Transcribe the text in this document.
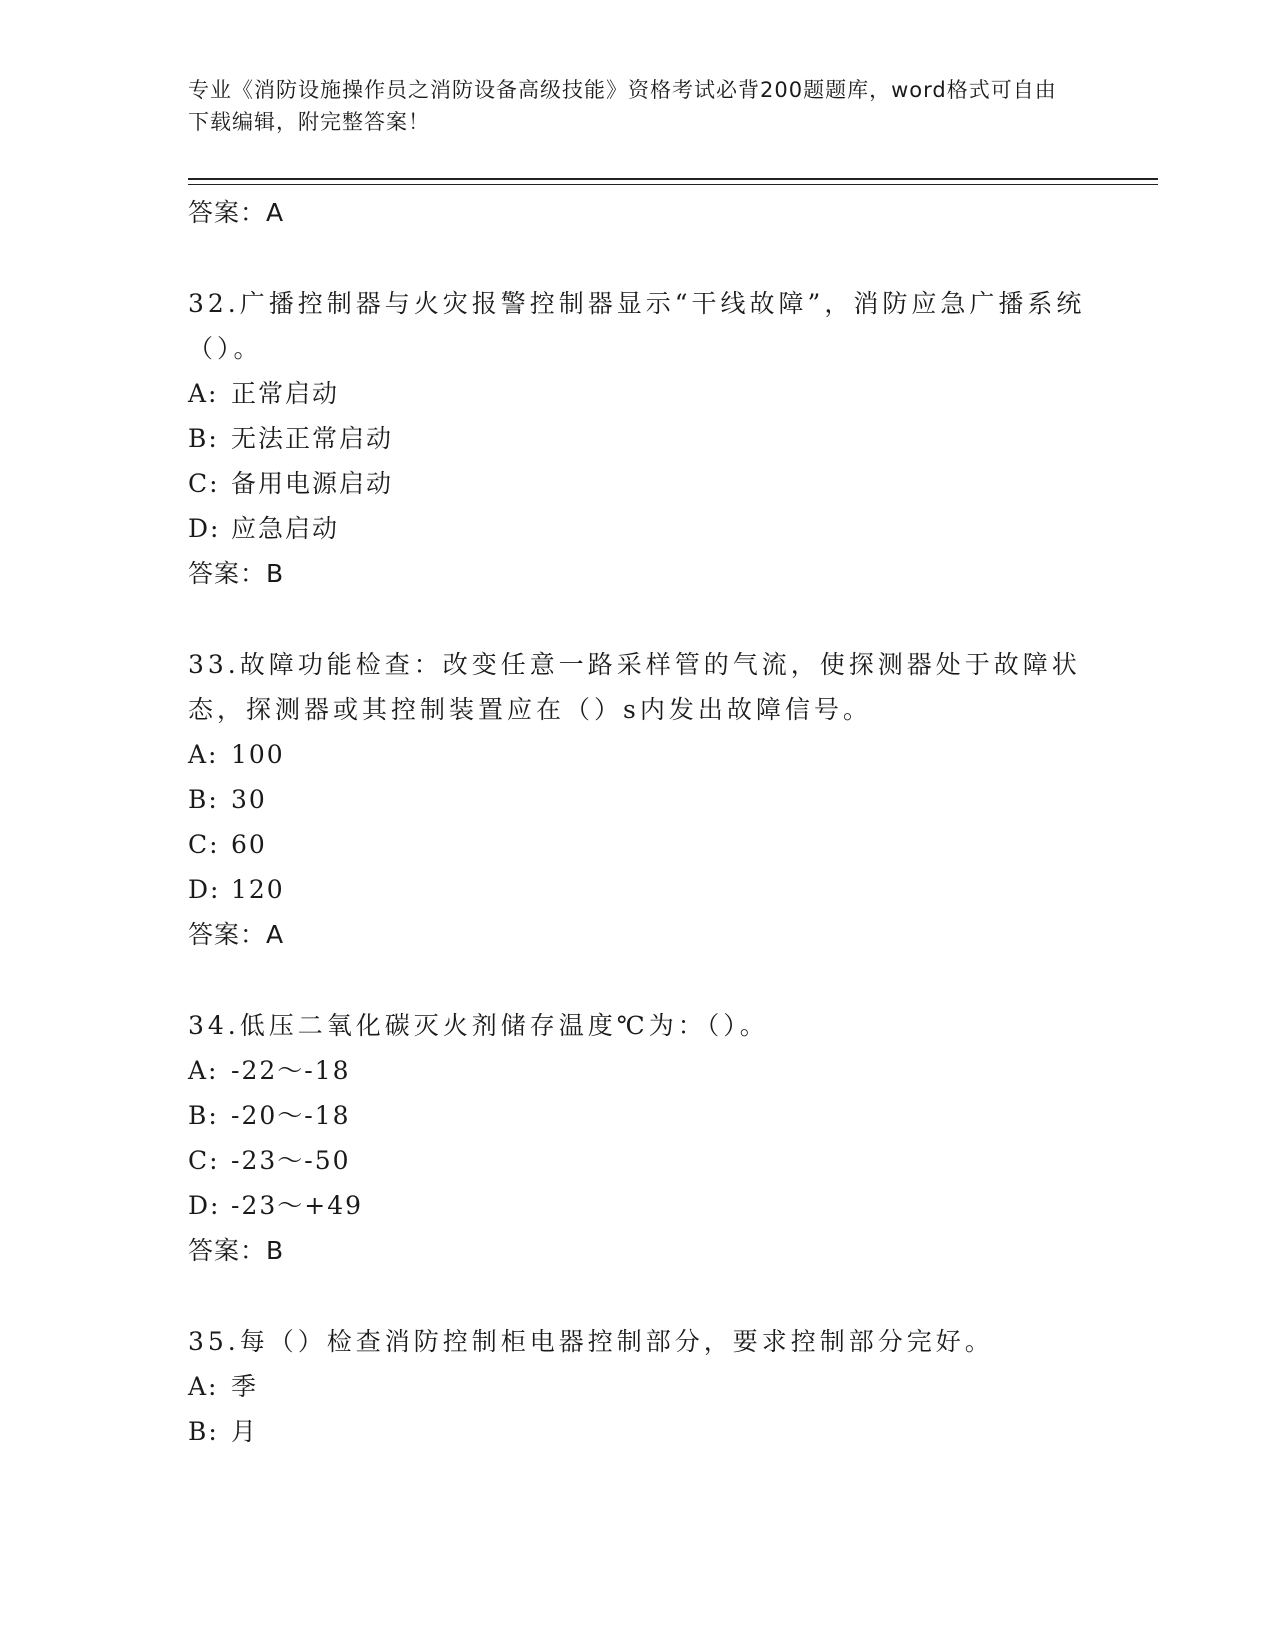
专业《消防设施操作员之消防设备高级技能》资格考试必背200题题库，word格式可自由下载编辑，附完整答案！
答案：A
32.广播控制器与火灾报警控制器显示“干线故障”，消防应急广播系统（）。
A: 正常启动
B: 无法正常启动
C: 备用电源启动
D: 应急启动
答案：B
33.故障功能检查：改变任意一路采样管的气流，使探测器处于故障状态，探测器或其控制装置应在（）s内发出故障信号。
A: 100
B: 30
C: 60
D: 120
答案：A
34.低压二氧化碳灭火剂储存温度℃为：（）。
A: -22～-18
B: -20～-18
C: -23～-50
D: -23～+49
答案：B
35.每（）检查消防控制柜电器控制部分，要求控制部分完好。
A: 季
B: 月
